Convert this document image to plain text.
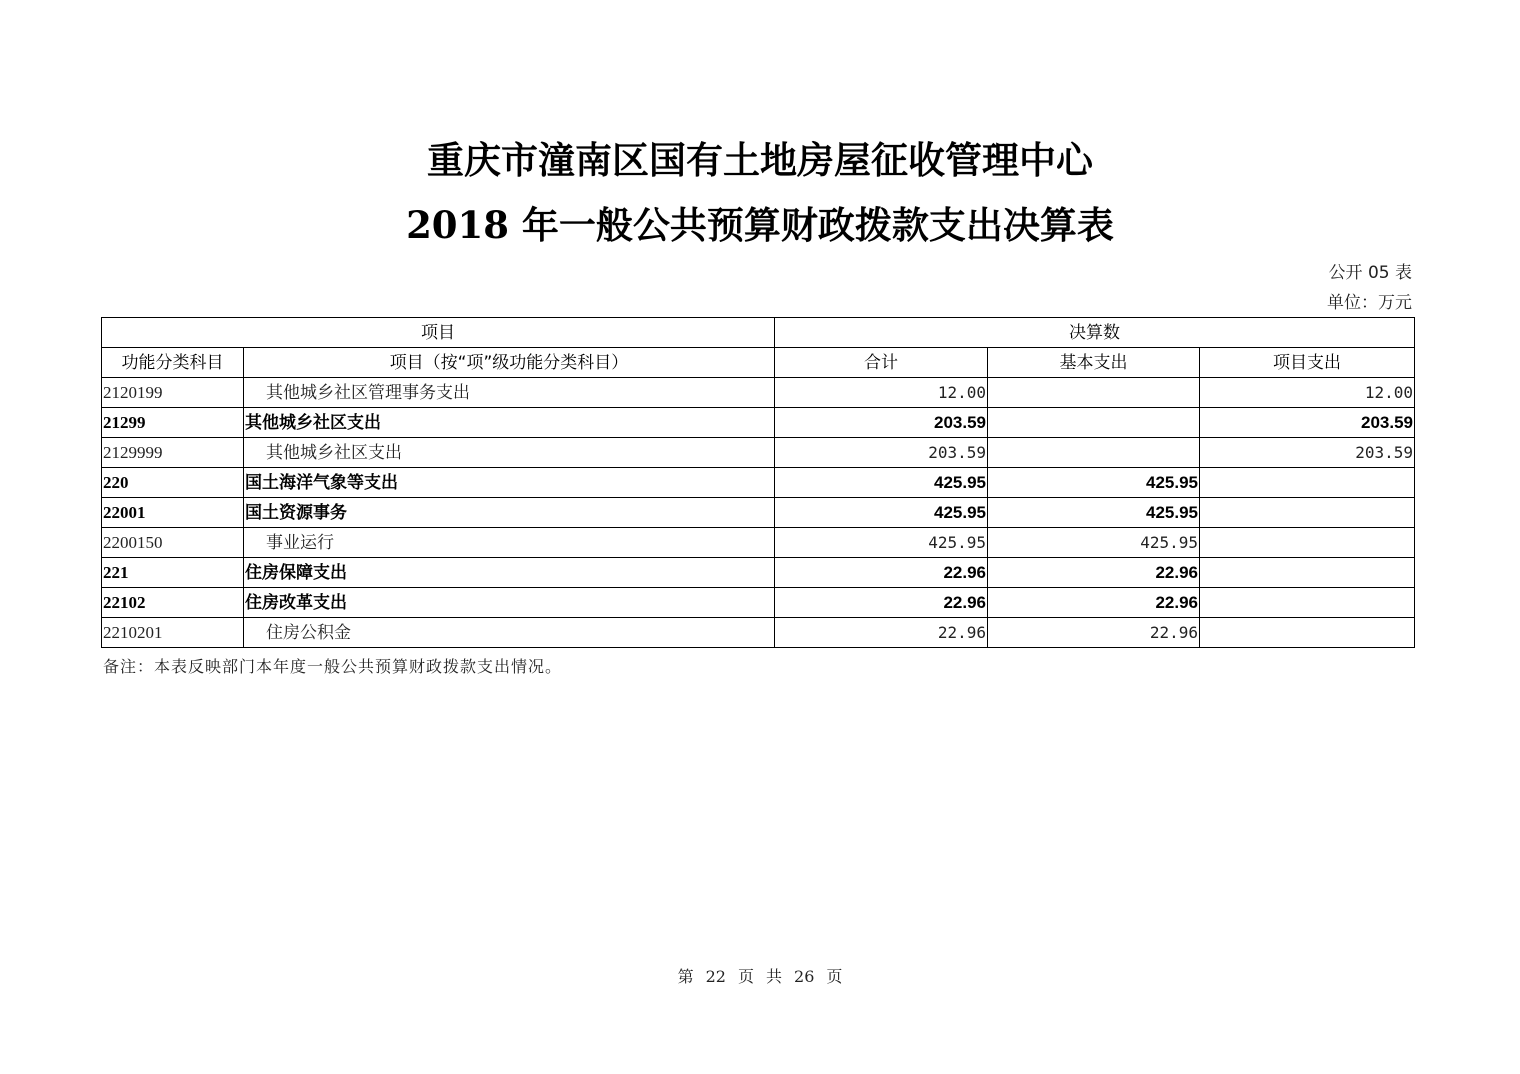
重庆市潼南区国有土地房屋征收管理中心
2018 年一般公共预算财政拨款支出决算表
公开 05 表
单位：万元
项目		决算数		
功能分类科目	项目（按“项”级功能分类科目）	合计	基本支出	项目支出
2120199	其他城乡社区管理事务支出	12.00		12.00
21299	其他城乡社区支出	203.59		203.59
2129999	其他城乡社区支出	203.59		203.59
220	国土海洋气象等支出	425.95	425.95	
22001	国土资源事务	425.95	425.95	
2200150	事业运行	425.95	425.95	
221	住房保障支出	22.96	22.96	
22102	住房改革支出	22.96	22.96	
2210201	住房公积金	22.96	22.96	
备注：本表反映部门本年度一般公共预算财政拨款支出情况。
第 22 页 共 26 页
